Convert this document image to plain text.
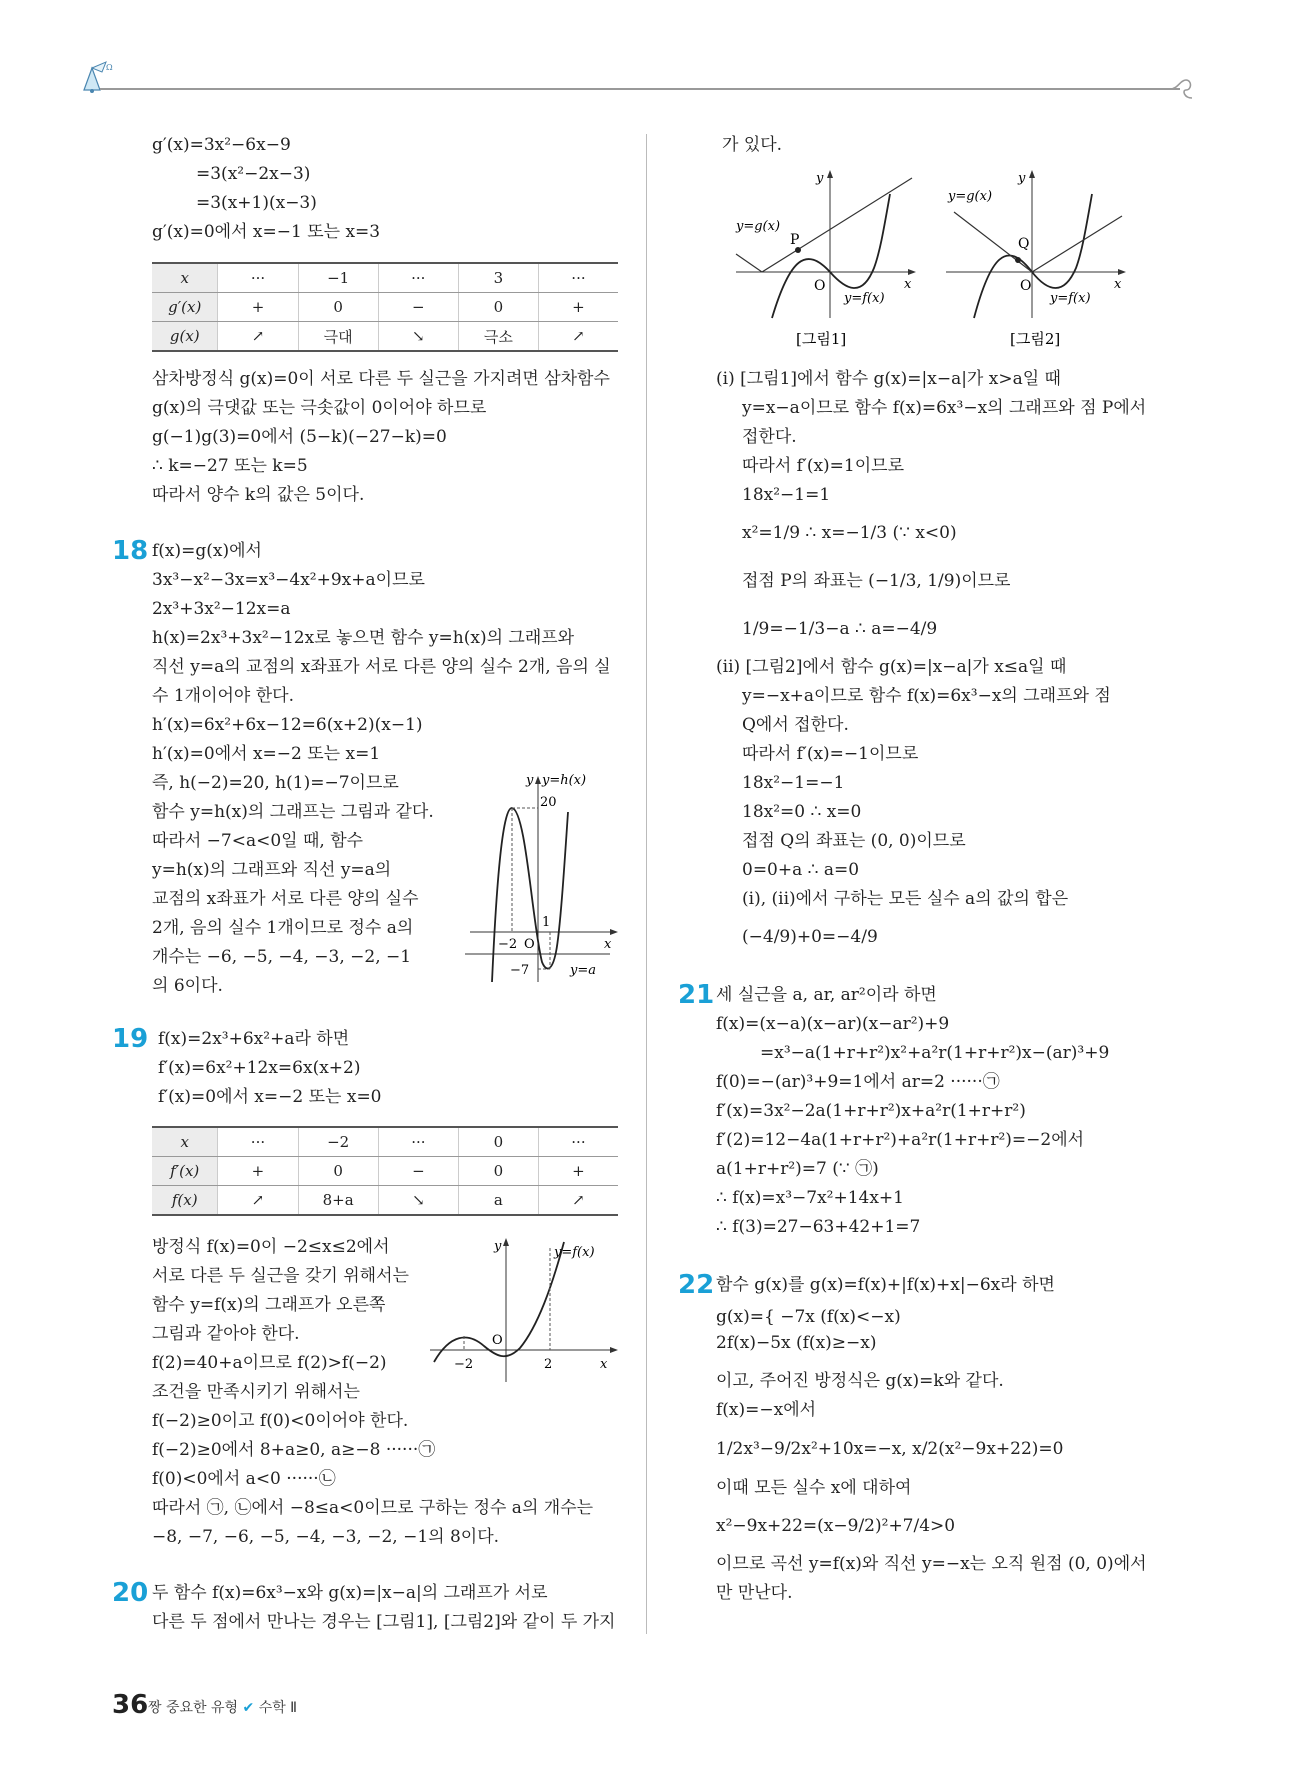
Ω
g′(x)=3x²−6x−9
=3(x²−2x−3)
=3(x+1)(x−3)
g′(x)=0에서 x=−1 또는 x=3
x	···	−1	···	3	···
g′(x)	+	0	−	0	+
g(x)	↗	극대	↘	극소	↗
삼차방정식 g(x)=0이 서로 다른 두 실근을 가지려면 삼차함수
g(x)의 극댓값 또는 극솟값이 0이어야 하므로
g(−1)g(3)=0에서 (5−k)(−27−k)=0
∴ k=−27 또는 k=5
따라서 양수 k의 값은 5이다.
18 f(x)=g(x)에서
3x³−x²−3x=x³−4x²+9x+a이므로
2x³+3x²−12x=a
h(x)=2x³+3x²−12x로 놓으면 함수 y=h(x)의 그래프와
직선 y=a의 교점의 x좌표가 서로 다른 양의 실수 2개, 음의 실
수 1개이어야 한다.
h′(x)=6x²+6x−12=6(x+2)(x−1)
h′(x)=0에서 x=−2 또는 x=1
즉, h(−2)=20, h(1)=−7이므로
함수 y=h(x)의 그래프는 그림과 같다.
따라서 −7<a<0일 때, 함수
y=h(x)의 그래프와 직선 y=a의
교점의 x좌표가 서로 다른 양의 실수
2개, 음의 실수 1개이므로 정수 a의
개수는 −6, −5, −4, −3, −2, −1
의 6이다.
y y=h(x)
20
1
−2 O	x
−7	y=a
19 f(x)=2x³+6x²+a라 하면
f′(x)=6x²+12x=6x(x+2)
f′(x)=0에서 x=−2 또는 x=0
x	···	−2	···	0	···
f′(x)	+	0	−	0	+
f(x)	↗	8+a	↘	a	↗
방정식 f(x)=0이 −2≤x≤2에서
서로 다른 두 실근을 갖기 위해서는
함수 y=f(x)의 그래프가 오른쪽
그림과 같아야 한다.
f(2)=40+a이므로 f(2)>f(−2)
조건을 만족시키기 위해서는
f(−2)≥0이고 f(0)<0이어야 한다.
f(−2)≥0에서 8+a≥0, a≥−8 ······㉠
f(0)<0에서 a<0 ······㉡
따라서 ㉠, ㉡에서 −8≤a<0이므로 구하는 정수 a의 개수는
−8, −7, −6, −5, −4, −3, −2, −1의 8이다.
y	y=f(x)
O
−2	2	x
20 두 함수 f(x)=6x³−x와 g(x)=|x−a|의 그래프가 서로
다른 두 점에서 만나는 경우는 [그림1], [그림2]와 같이 두 가지
가 있다.
y
y=g(x)
P
O	x
y=f(x)
[그림1]
y
y=g(x)
Q
O	x
y=f(x)
[그림2]
(i) [그림1]에서 함수 g(x)=|x−a|가 x>a일 때
y=x−a이므로 함수 f(x)=6x³−x의 그래프와 점 P에서
접한다.
따라서 f′(x)=1이므로
18x²−1=1
x²=1/9 ∴ x=−1/3 (∵ x<0)
접점 P의 좌표는 (−1/3, 1/9)이므로
1/9=−1/3−a ∴ a=−4/9
(ii) [그림2]에서 함수 g(x)=|x−a|가 x≤a일 때
y=−x+a이므로 함수 f(x)=6x³−x의 그래프와 점
Q에서 접한다.
따라서 f′(x)=−1이므로
18x²−1=−1
18x²=0 ∴ x=0
접점 Q의 좌표는 (0, 0)이므로
0=0+a ∴ a=0
(i), (ii)에서 구하는 모든 실수 a의 값의 합은
(−4/9)+0=−4/9
21 세 실근을 a, ar, ar²이라 하면
f(x)=(x−a)(x−ar)(x−ar²)+9
=x³−a(1+r+r²)x²+a²r(1+r+r²)x−(ar)³+9
f(0)=−(ar)³+9=1에서 ar=2 ······㉠
f′(x)=3x²−2a(1+r+r²)x+a²r(1+r+r²)
f′(2)=12−4a(1+r+r²)+a²r(1+r+r²)=−2에서
a(1+r+r²)=7 (∵ ㉠)
∴ f(x)=x³−7x²+14x+1
∴ f(3)=27−63+42+1=7
22 함수 g(x)를 g(x)=f(x)+|f(x)+x|−6x라 하면
g(x)={ −7x (f(x)<−x)
2f(x)−5x (f(x)≥−x)
이고, 주어진 방정식은 g(x)=k와 같다.
f(x)=−x에서
1/2x³−9/2x²+10x=−x, x/2(x²−9x+22)=0
이때 모든 실수 x에 대하여
x²−9x+22=(x−9/2)²+7/4>0
이므로 곡선 y=f(x)와 직선 y=−x는 오직 원점 (0, 0)에서
만 만난다.
36 짱 중요한 유형 ✔ 수학 Ⅱ
